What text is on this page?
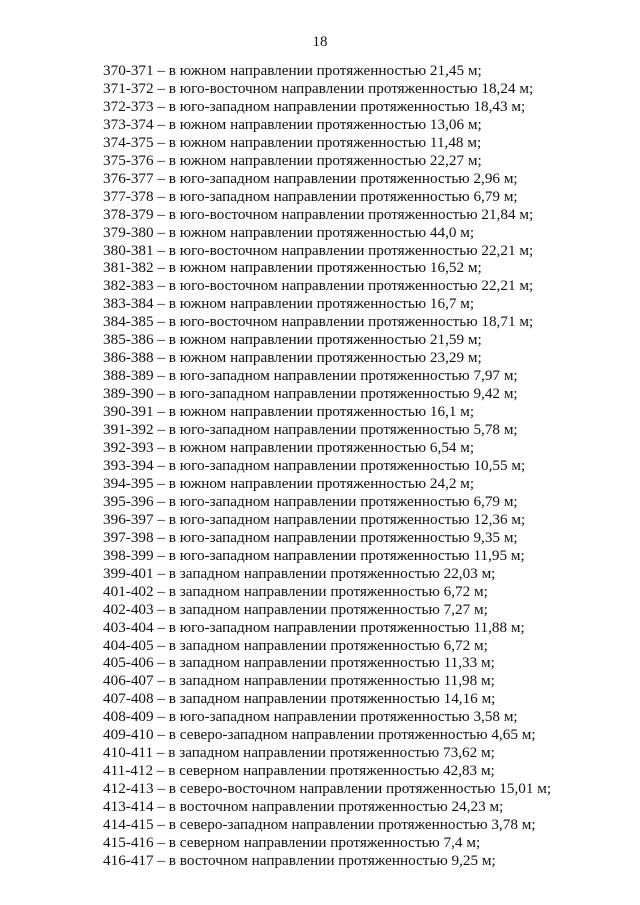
18
370-371 – в южном направлении протяженностью 21,45 м;
371-372 – в юго-восточном направлении протяженностью 18,24 м;
372-373 – в юго-западном направлении протяженностью 18,43 м;
373-374 – в южном направлении протяженностью 13,06 м;
374-375 – в южном направлении протяженностью 11,48 м;
375-376 – в южном направлении протяженностью 22,27 м;
376-377 – в юго-западном направлении протяженностью 2,96 м;
377-378 – в юго-западном направлении протяженностью 6,79 м;
378-379 – в юго-восточном направлении протяженностью 21,84 м;
379-380 – в южном направлении протяженностью 44,0 м;
380-381 – в юго-восточном направлении протяженностью 22,21 м;
381-382 – в южном направлении протяженностью 16,52 м;
382-383 – в юго-восточном направлении протяженностью 22,21 м;
383-384 – в южном направлении протяженностью 16,7 м;
384-385 – в юго-восточном направлении протяженностью 18,71 м;
385-386 – в южном направлении протяженностью 21,59 м;
386-388 – в южном направлении протяженностью 23,29 м;
388-389 – в юго-западном направлении протяженностью 7,97 м;
389-390 – в юго-западном направлении протяженностью 9,42 м;
390-391 – в южном направлении протяженностью 16,1 м;
391-392 – в юго-западном направлении протяженностью 5,78 м;
392-393 – в южном направлении протяженностью 6,54 м;
393-394 – в юго-западном направлении протяженностью 10,55 м;
394-395 – в южном направлении протяженностью 24,2 м;
395-396 – в юго-западном направлении протяженностью 6,79 м;
396-397 – в юго-западном направлении протяженностью 12,36 м;
397-398 – в юго-западном направлении протяженностью 9,35 м;
398-399 – в юго-западном направлении протяженностью 11,95 м;
399-401 – в западном направлении протяженностью 22,03 м;
401-402 – в западном направлении протяженностью 6,72 м;
402-403 – в западном направлении протяженностью 7,27 м;
403-404 – в юго-западном направлении протяженностью 11,88 м;
404-405 – в западном направлении протяженностью 6,72 м;
405-406 – в западном направлении протяженностью 11,33 м;
406-407 – в западном направлении протяженностью 11,98 м;
407-408 – в западном направлении протяженностью 14,16 м;
408-409 – в юго-западном направлении протяженностью 3,58 м;
409-410 – в северо-западном направлении протяженностью 4,65 м;
410-411 – в западном направлении протяженностью 73,62 м;
411-412 – в северном направлении протяженностью 42,83 м;
412-413 – в северо-восточном направлении протяженностью 15,01 м;
413-414 – в восточном направлении протяженностью 24,23 м;
414-415 – в северо-западном направлении протяженностью 3,78 м;
415-416 – в северном направлении протяженностью 7,4 м;
416-417 – в восточном направлении протяженностью 9,25 м;
